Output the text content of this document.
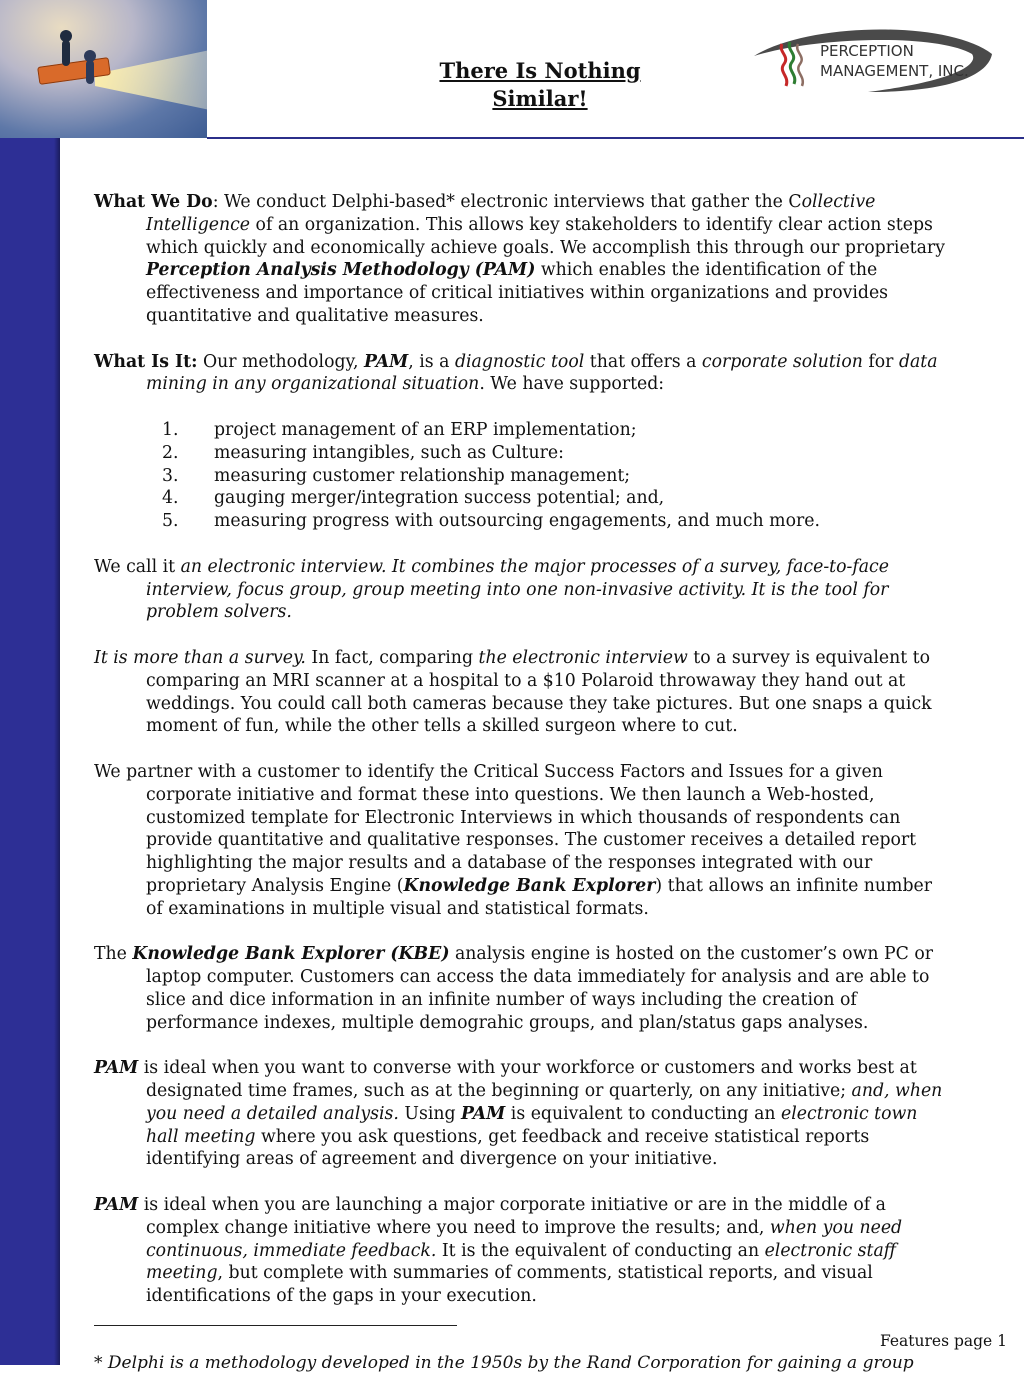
There Is Nothing
Similar!
PERCEPTION
MANAGEMENT, INC.

What We Do: We conduct Delphi-based* electronic interviews that gather the Collective Intelligence of an organization. This allows key stakeholders to identify clear action steps which quickly and economically achieve goals. We accomplish this through our proprietary Perception Analysis Methodology (PAM) which enables the identification of the effectiveness and importance of critical initiatives within organizations and provides quantitative and qualitative measures.

What Is It: Our methodology, PAM, is a diagnostic tool that offers a corporate solution for data mining in any organizational situation. We have supported:

1. project management of an ERP implementation;
2. measuring intangibles, such as Culture:
3. measuring customer relationship management;
4. gauging merger/integration success potential; and,
5. measuring progress with outsourcing engagements, and much more.

We call it an electronic interview. It combines the major processes of a survey, face-to-face interview, focus group, group meeting into one non-invasive activity. It is the tool for problem solvers.

It is more than a survey. In fact, comparing the electronic interview to a survey is equivalent to comparing an MRI scanner at a hospital to a $10 Polaroid throwaway they hand out at weddings. You could call both cameras because they take pictures. But one snaps a quick moment of fun, while the other tells a skilled surgeon where to cut.

We partner with a customer to identify the Critical Success Factors and Issues for a given corporate initiative and format these into questions. We then launch a Web-hosted, customized template for Electronic Interviews in which thousands of respondents can provide quantitative and qualitative responses. The customer receives a detailed report highlighting the major results and a database of the responses integrated with our proprietary Analysis Engine (Knowledge Bank Explorer) that allows an infinite number of examinations in multiple visual and statistical formats.

The Knowledge Bank Explorer (KBE) analysis engine is hosted on the customer’s own PC or laptop computer. Customers can access the data immediately for analysis and are able to slice and dice information in an infinite number of ways including the creation of performance indexes, multiple demograhic groups, and plan/status gaps analyses.

PAM is ideal when you want to converse with your workforce or customers and works best at designated time frames, such as at the beginning or quarterly, on any initiative; and, when you need a detailed analysis. Using PAM is equivalent to conducting an electronic town hall meeting where you ask questions, get feedback and receive statistical reports identifying areas of agreement and divergence on your initiative.

PAM is ideal when you are launching a major corporate initiative or are in the middle of a complex change initiative where you need to improve the results; and, when you need continuous, immediate feedback. It is the equivalent of conducting an electronic staff meeting, but complete with summaries of comments, statistical reports, and visual identifications of the gaps in your execution.

Features page 1
* Delphi is a methodology developed in the 1950s by the Rand Corporation for gaining a group
